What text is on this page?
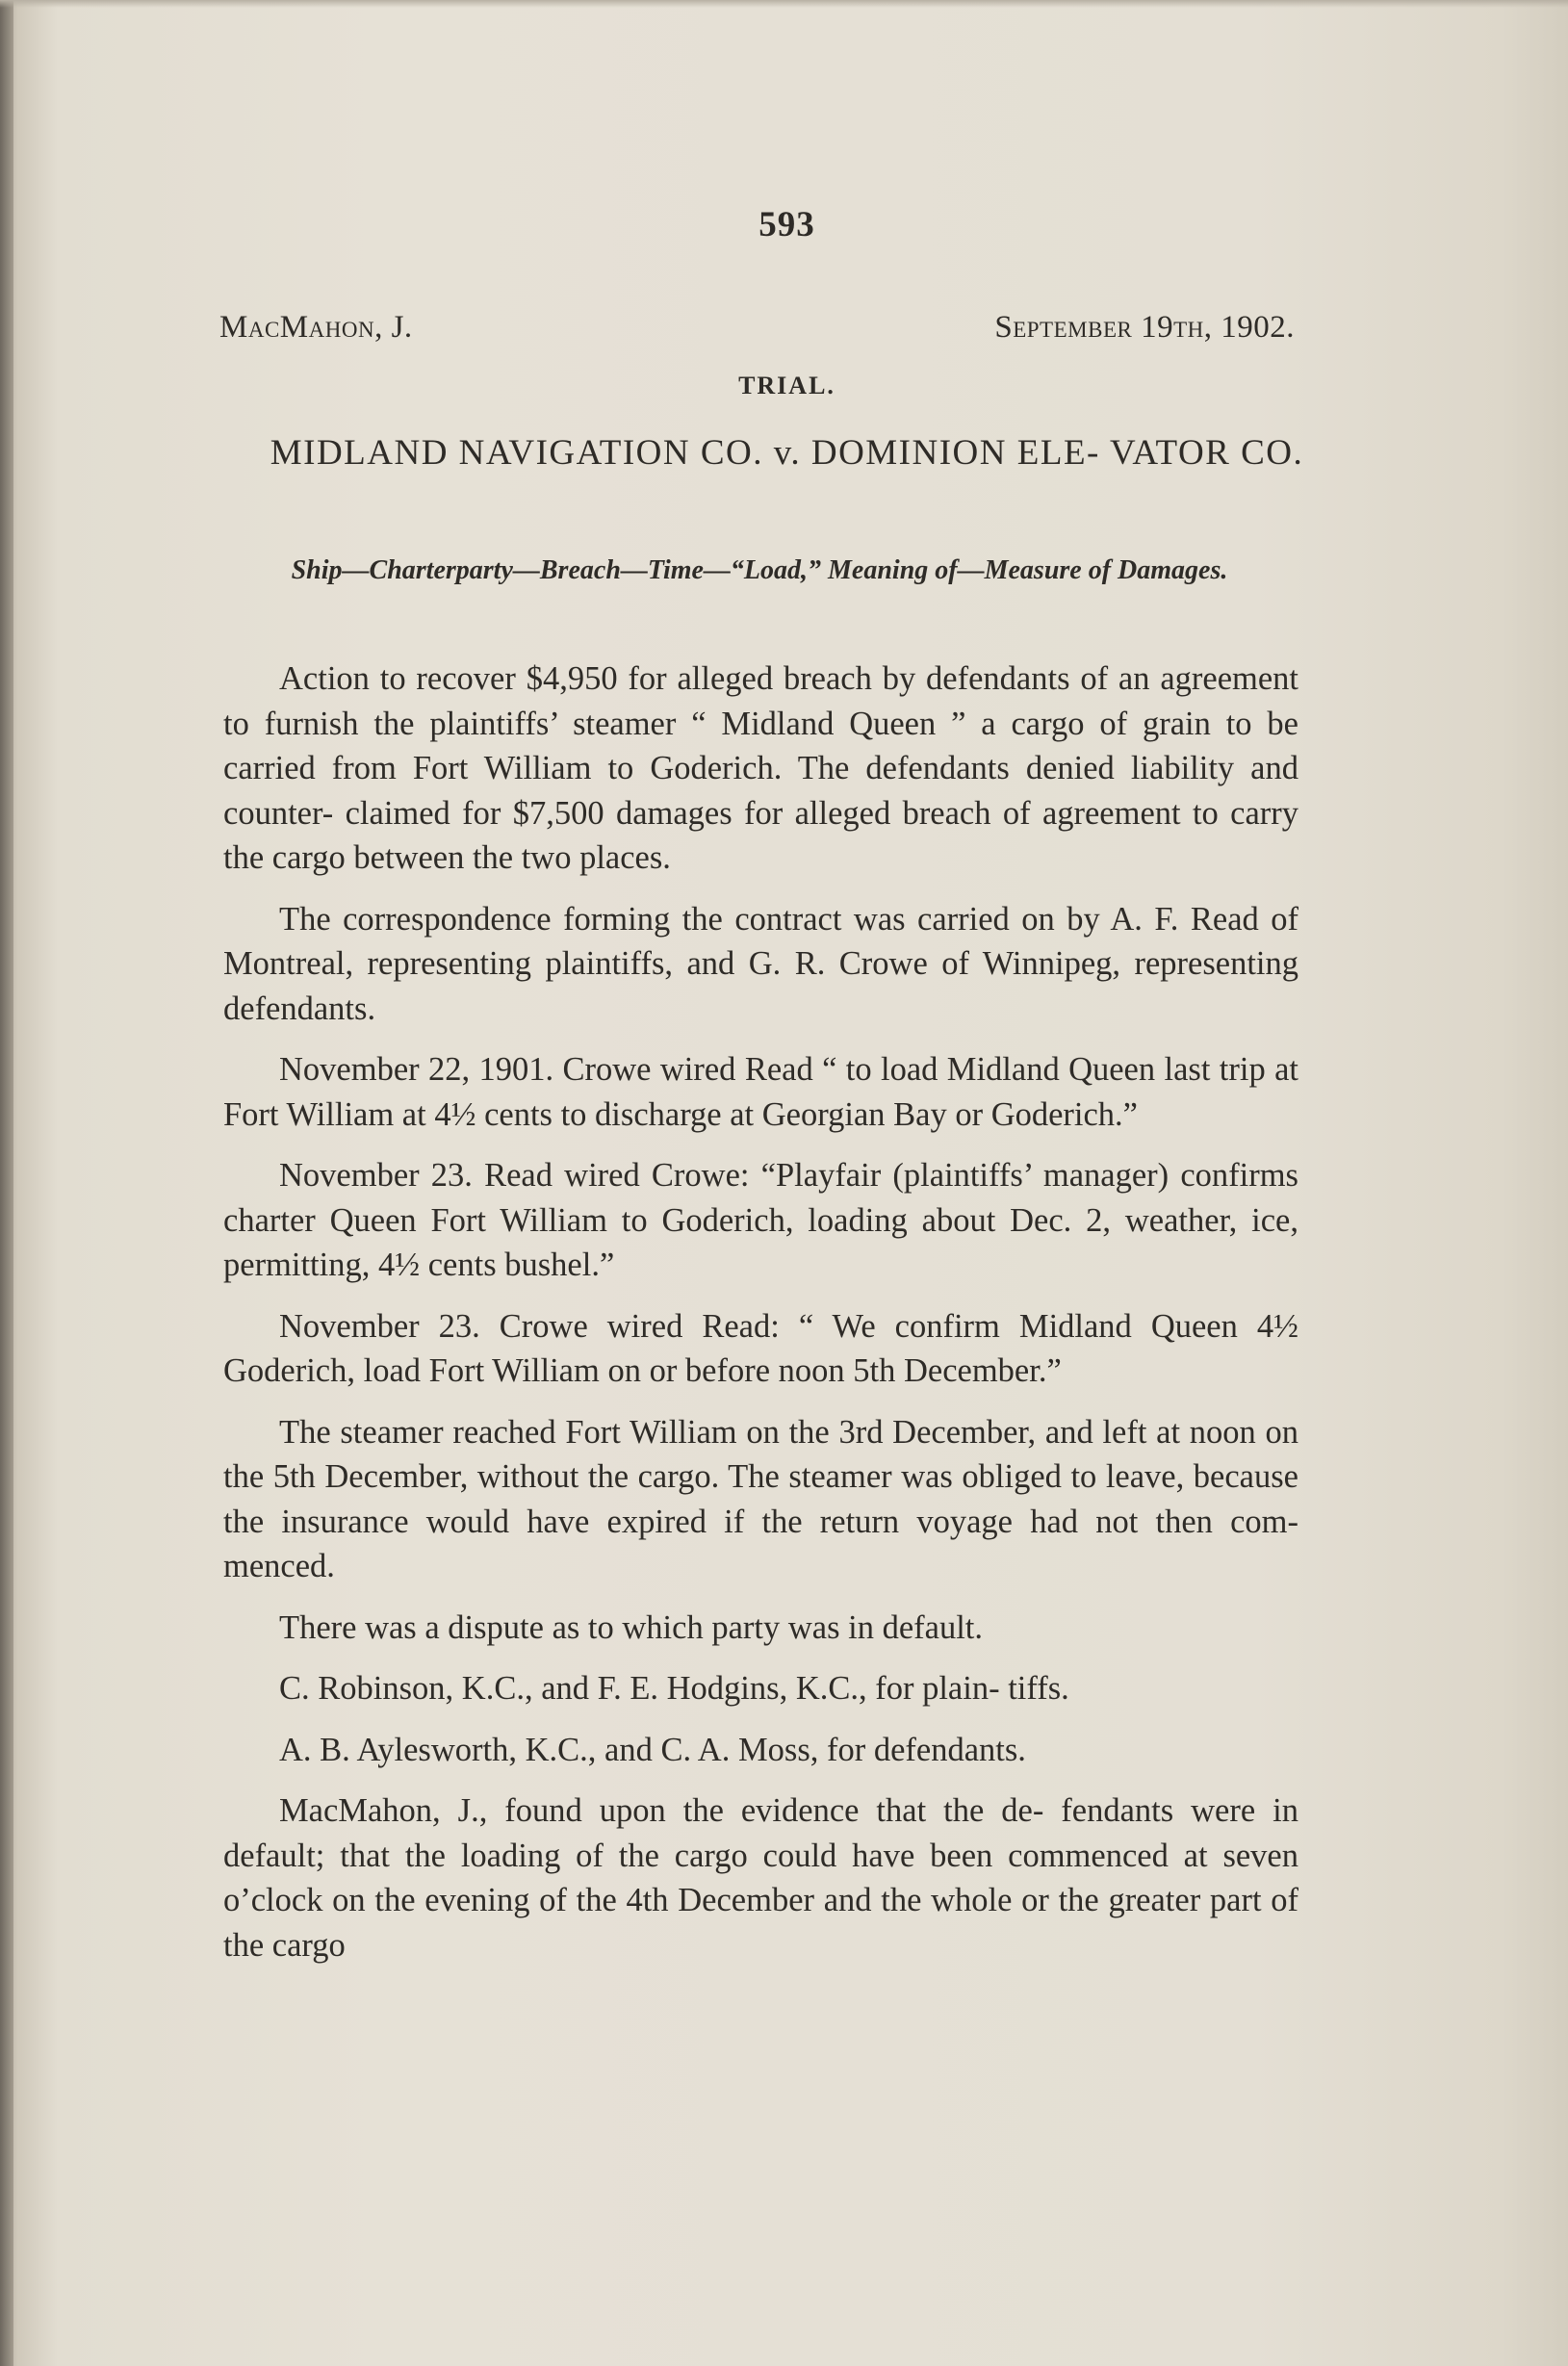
593
MacMahon, J.	September 19th, 1902.
TRIAL.
MIDLAND NAVIGATION CO. v. DOMINION ELE- VATOR CO.
Ship—Charterparty—Breach—Time—“Load,” Meaning of—Measure of Damages.

Action to recover $4,950 for alleged breach by defendants of an agreement to furnish the plaintiffs’ steamer “ Midland Queen ” a cargo of grain to be carried from Fort William to Goderich. The defendants denied liability and counter- claimed for $7,500 damages for alleged breach of agreement to carry the cargo between the two places.

The correspondence forming the contract was carried on by A. F. Read of Montreal, representing plaintiffs, and G. R. Crowe of Winnipeg, representing defendants.

November 22, 1901. Crowe wired Read “ to load Midland Queen last trip at Fort William at 4½ cents to discharge at Georgian Bay or Goderich.”

November 23. Read wired Crowe: “Playfair (plaintiffs’ manager) confirms charter Queen Fort William to Goderich, loading about Dec. 2, weather, ice, permitting, 4½ cents bushel.”

November 23. Crowe wired Read: “ We confirm Midland Queen 4½ Goderich, load Fort William on or before noon 5th December.”

The steamer reached Fort William on the 3rd December, and left at noon on the 5th December, without the cargo. The steamer was obliged to leave, because the insurance would have expired if the return voyage had not then com- menced.

There was a dispute as to which party was in default.

C. Robinson, K.C., and F. E. Hodgins, K.C., for plain- tiffs.

A. B. Aylesworth, K.C., and C. A. Moss, for defendants.

MacMahon, J., found upon the evidence that the de- fendants were in default; that the loading of the cargo could have been commenced at seven o’clock on the evening of the 4th December and the whole or the greater part of the cargo
